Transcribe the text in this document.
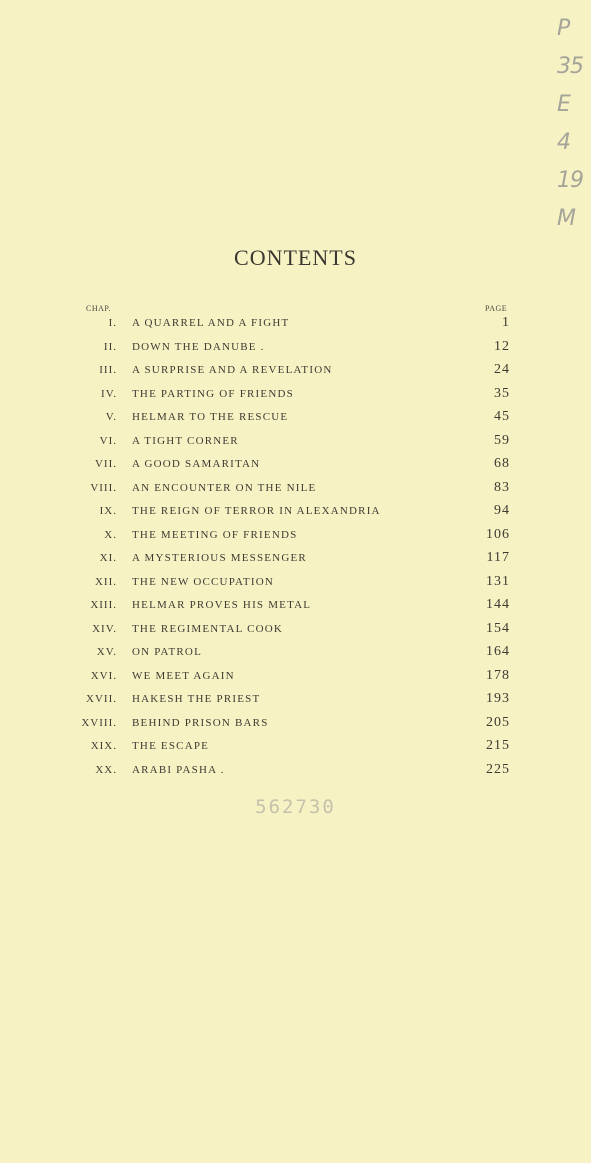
P
35
E
4
19
M
CONTENTS
CHAP.	PAGE
I. A QUARREL AND A FIGHT	1
II. DOWN THE DANUBE .	12
III. A SURPRISE AND A REVELATION	24
IV. THE PARTING OF FRIENDS	35
V. HELMAR TO THE RESCUE	45
VI. A TIGHT CORNER	59
VII. A GOOD SAMARITAN	68
VIII. AN ENCOUNTER ON THE NILE	83
IX. THE REIGN OF TERROR IN ALEXANDRIA	94
X. THE MEETING OF FRIENDS	106
XI. A MYSTERIOUS MESSENGER	117
XII. THE NEW OCCUPATION	131
XIII. HELMAR PROVES HIS METAL	144
XIV. THE REGIMENTAL COOK	154
XV. ON PATROL	164
XVI. WE MEET AGAIN	178
XVII. HAKESH THE PRIEST	193
XVIII. BEHIND PRISON BARS	205
XIX. THE ESCAPE	215
XX. ARABI PASHA .	225
562730
